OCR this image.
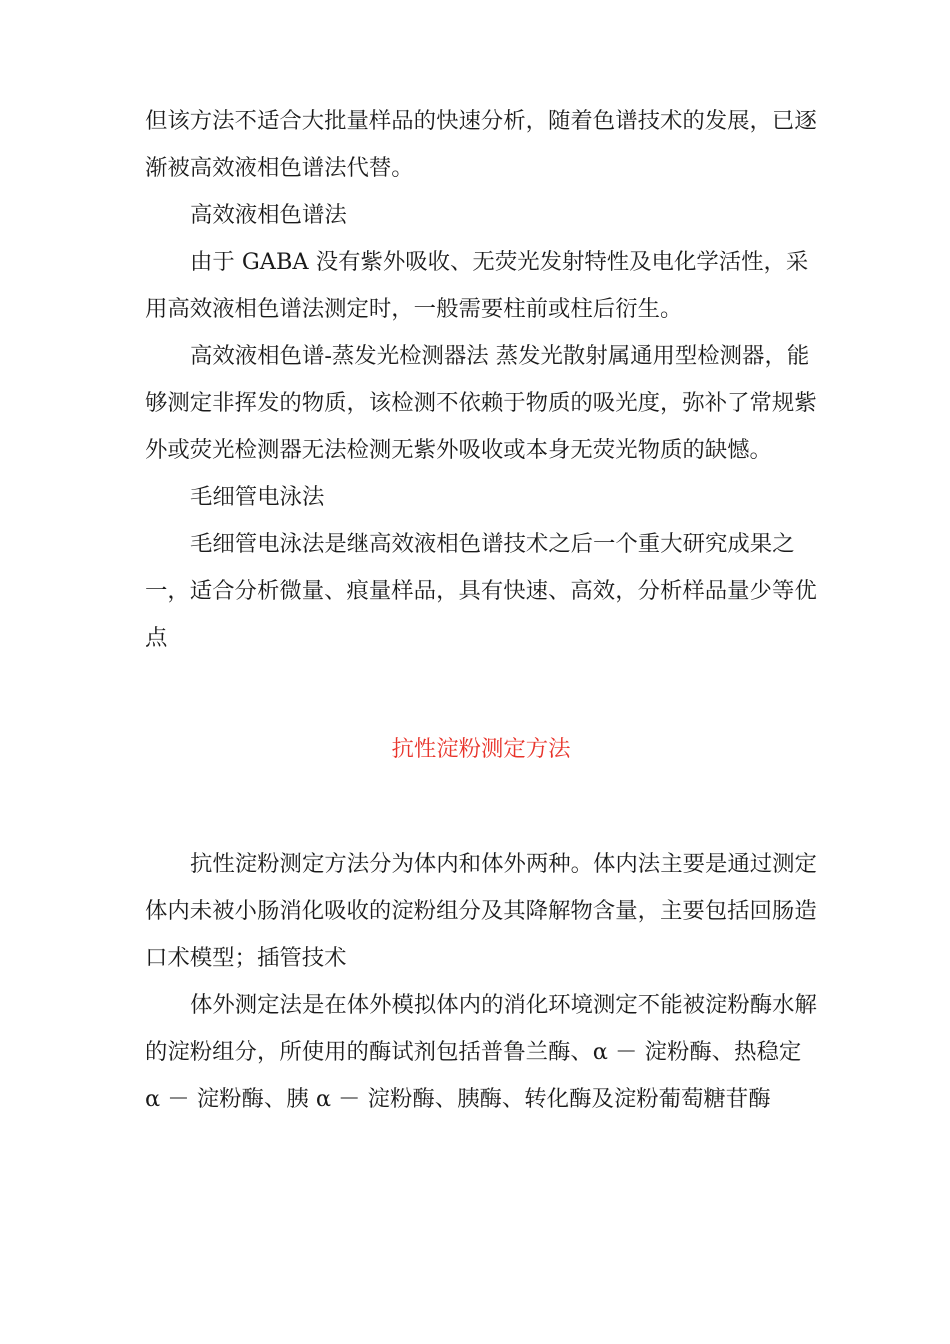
但该方法不适合大批量样品的快速分析，随着色谱技术的发展，已逐渐被高效液相色谱法代替。

高效液相色谱法

由于 GABA 没有紫外吸收、无荧光发射特性及电化学活性，采用高效液相色谱法测定时，一般需要柱前或柱后衍生。

高效液相色谱-蒸发光检测器法 蒸发光散射属通用型检测器，能够测定非挥发的物质，该检测不依赖于物质的吸光度，弥补了常规紫外或荧光检测器无法检测无紫外吸收或本身无荧光物质的缺憾。

毛细管电泳法

毛细管电泳法是继高效液相色谱技术之后一个重大研究成果之一，适合分析微量、痕量样品，具有快速、高效，分析样品量少等优点

抗性淀粉测定方法

抗性淀粉测定方法分为体内和体外两种。体内法主要是通过测定体内未被小肠消化吸收的淀粉组分及其降解物含量，主要包括回肠造口术模型；插管技术

体外测定法是在体外模拟体内的消化环境测定不能被淀粉酶水解的淀粉组分，所使用的酶试剂包括普鲁兰酶、α － 淀粉酶、热稳定 α － 淀粉酶、胰 α － 淀粉酶、胰酶、转化酶及淀粉葡萄糖苷酶
